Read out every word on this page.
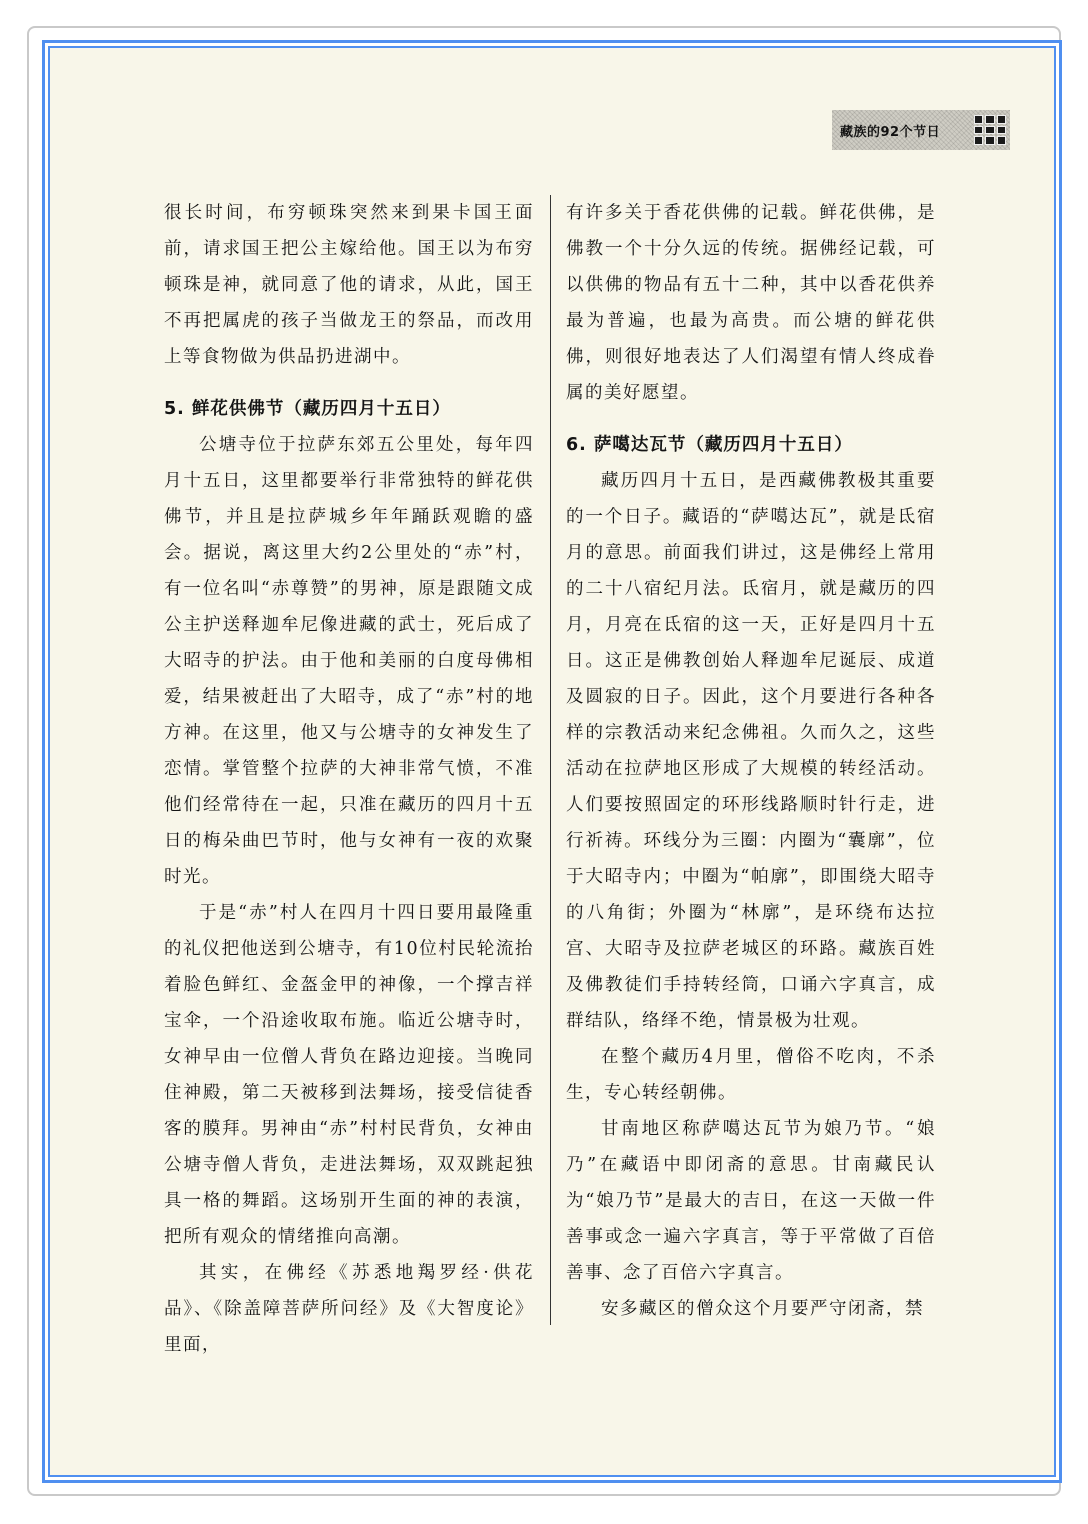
藏族的92个节日

很长时间，布穷顿珠突然来到果卡国王面前，请求国王把公主嫁给他。国王以为布穷顿珠是神，就同意了他的请求，从此，国王不再把属虎的孩子当做龙王的祭品，而改用上等食物做为供品扔进湖中。

5. 鲜花供佛节（藏历四月十五日）

公塘寺位于拉萨东郊五公里处，每年四月十五日，这里都要举行非常独特的鲜花供佛节，并且是拉萨城乡年年踊跃观瞻的盛会。据说，离这里大约2公里处的“赤”村，有一位名叫“赤尊赞”的男神，原是跟随文成公主护送释迦牟尼像进藏的武士，死后成了大昭寺的护法。由于他和美丽的白度母佛相爱，结果被赶出了大昭寺，成了“赤”村的地方神。在这里，他又与公塘寺的女神发生了恋情。掌管整个拉萨的大神非常气愤，不准他们经常待在一起，只准在藏历的四月十五日的梅朵曲巴节时，他与女神有一夜的欢聚时光。

于是“赤”村人在四月十四日要用最隆重的礼仪把他送到公塘寺，有10位村民轮流抬着脸色鲜红、金盔金甲的神像，一个撑吉祥宝伞，一个沿途收取布施。临近公塘寺时，女神早由一位僧人背负在路边迎接。当晚同住神殿，第二天被移到法舞场，接受信徒香客的膜拜。男神由“赤”村村民背负，女神由公塘寺僧人背负，走进法舞场，双双跳起独具一格的舞蹈。这场别开生面的神的表演，把所有观众的情绪推向高潮。

其实，在佛经《苏悉地羯罗经·供花品》、《除盖障菩萨所问经》及《大智度论》里面，

有许多关于香花供佛的记载。鲜花供佛，是佛教一个十分久远的传统。据佛经记载，可以供佛的物品有五十二种，其中以香花供养最为普遍，也最为高贵。而公塘的鲜花供佛，则很好地表达了人们渴望有情人终成眷属的美好愿望。

6. 萨噶达瓦节（藏历四月十五日）

藏历四月十五日，是西藏佛教极其重要的一个日子。藏语的“萨噶达瓦”，就是氐宿月的意思。前面我们讲过，这是佛经上常用的二十八宿纪月法。氐宿月，就是藏历的四月，月亮在氐宿的这一天，正好是四月十五日。这正是佛教创始人释迦牟尼诞辰、成道及圆寂的日子。因此，这个月要进行各种各样的宗教活动来纪念佛祖。久而久之，这些活动在拉萨地区形成了大规模的转经活动。人们要按照固定的环形线路顺时针行走，进行祈祷。环线分为三圈：内圈为“囊廓”，位于大昭寺内；中圈为“帕廓”，即围绕大昭寺的八角街；外圈为“林廓”，是环绕布达拉宫、大昭寺及拉萨老城区的环路。藏族百姓及佛教徒们手持转经筒，口诵六字真言，成群结队，络绎不绝，情景极为壮观。

在整个藏历4月里，僧俗不吃肉，不杀生，专心转经朝佛。

甘南地区称萨噶达瓦节为娘乃节。“娘乃”在藏语中即闭斋的意思。甘南藏民认为“娘乃节”是最大的吉日，在这一天做一件善事或念一遍六字真言，等于平常做了百倍善事、念了百倍六字真言。

安多藏区的僧众这个月要严守闭斋，禁
